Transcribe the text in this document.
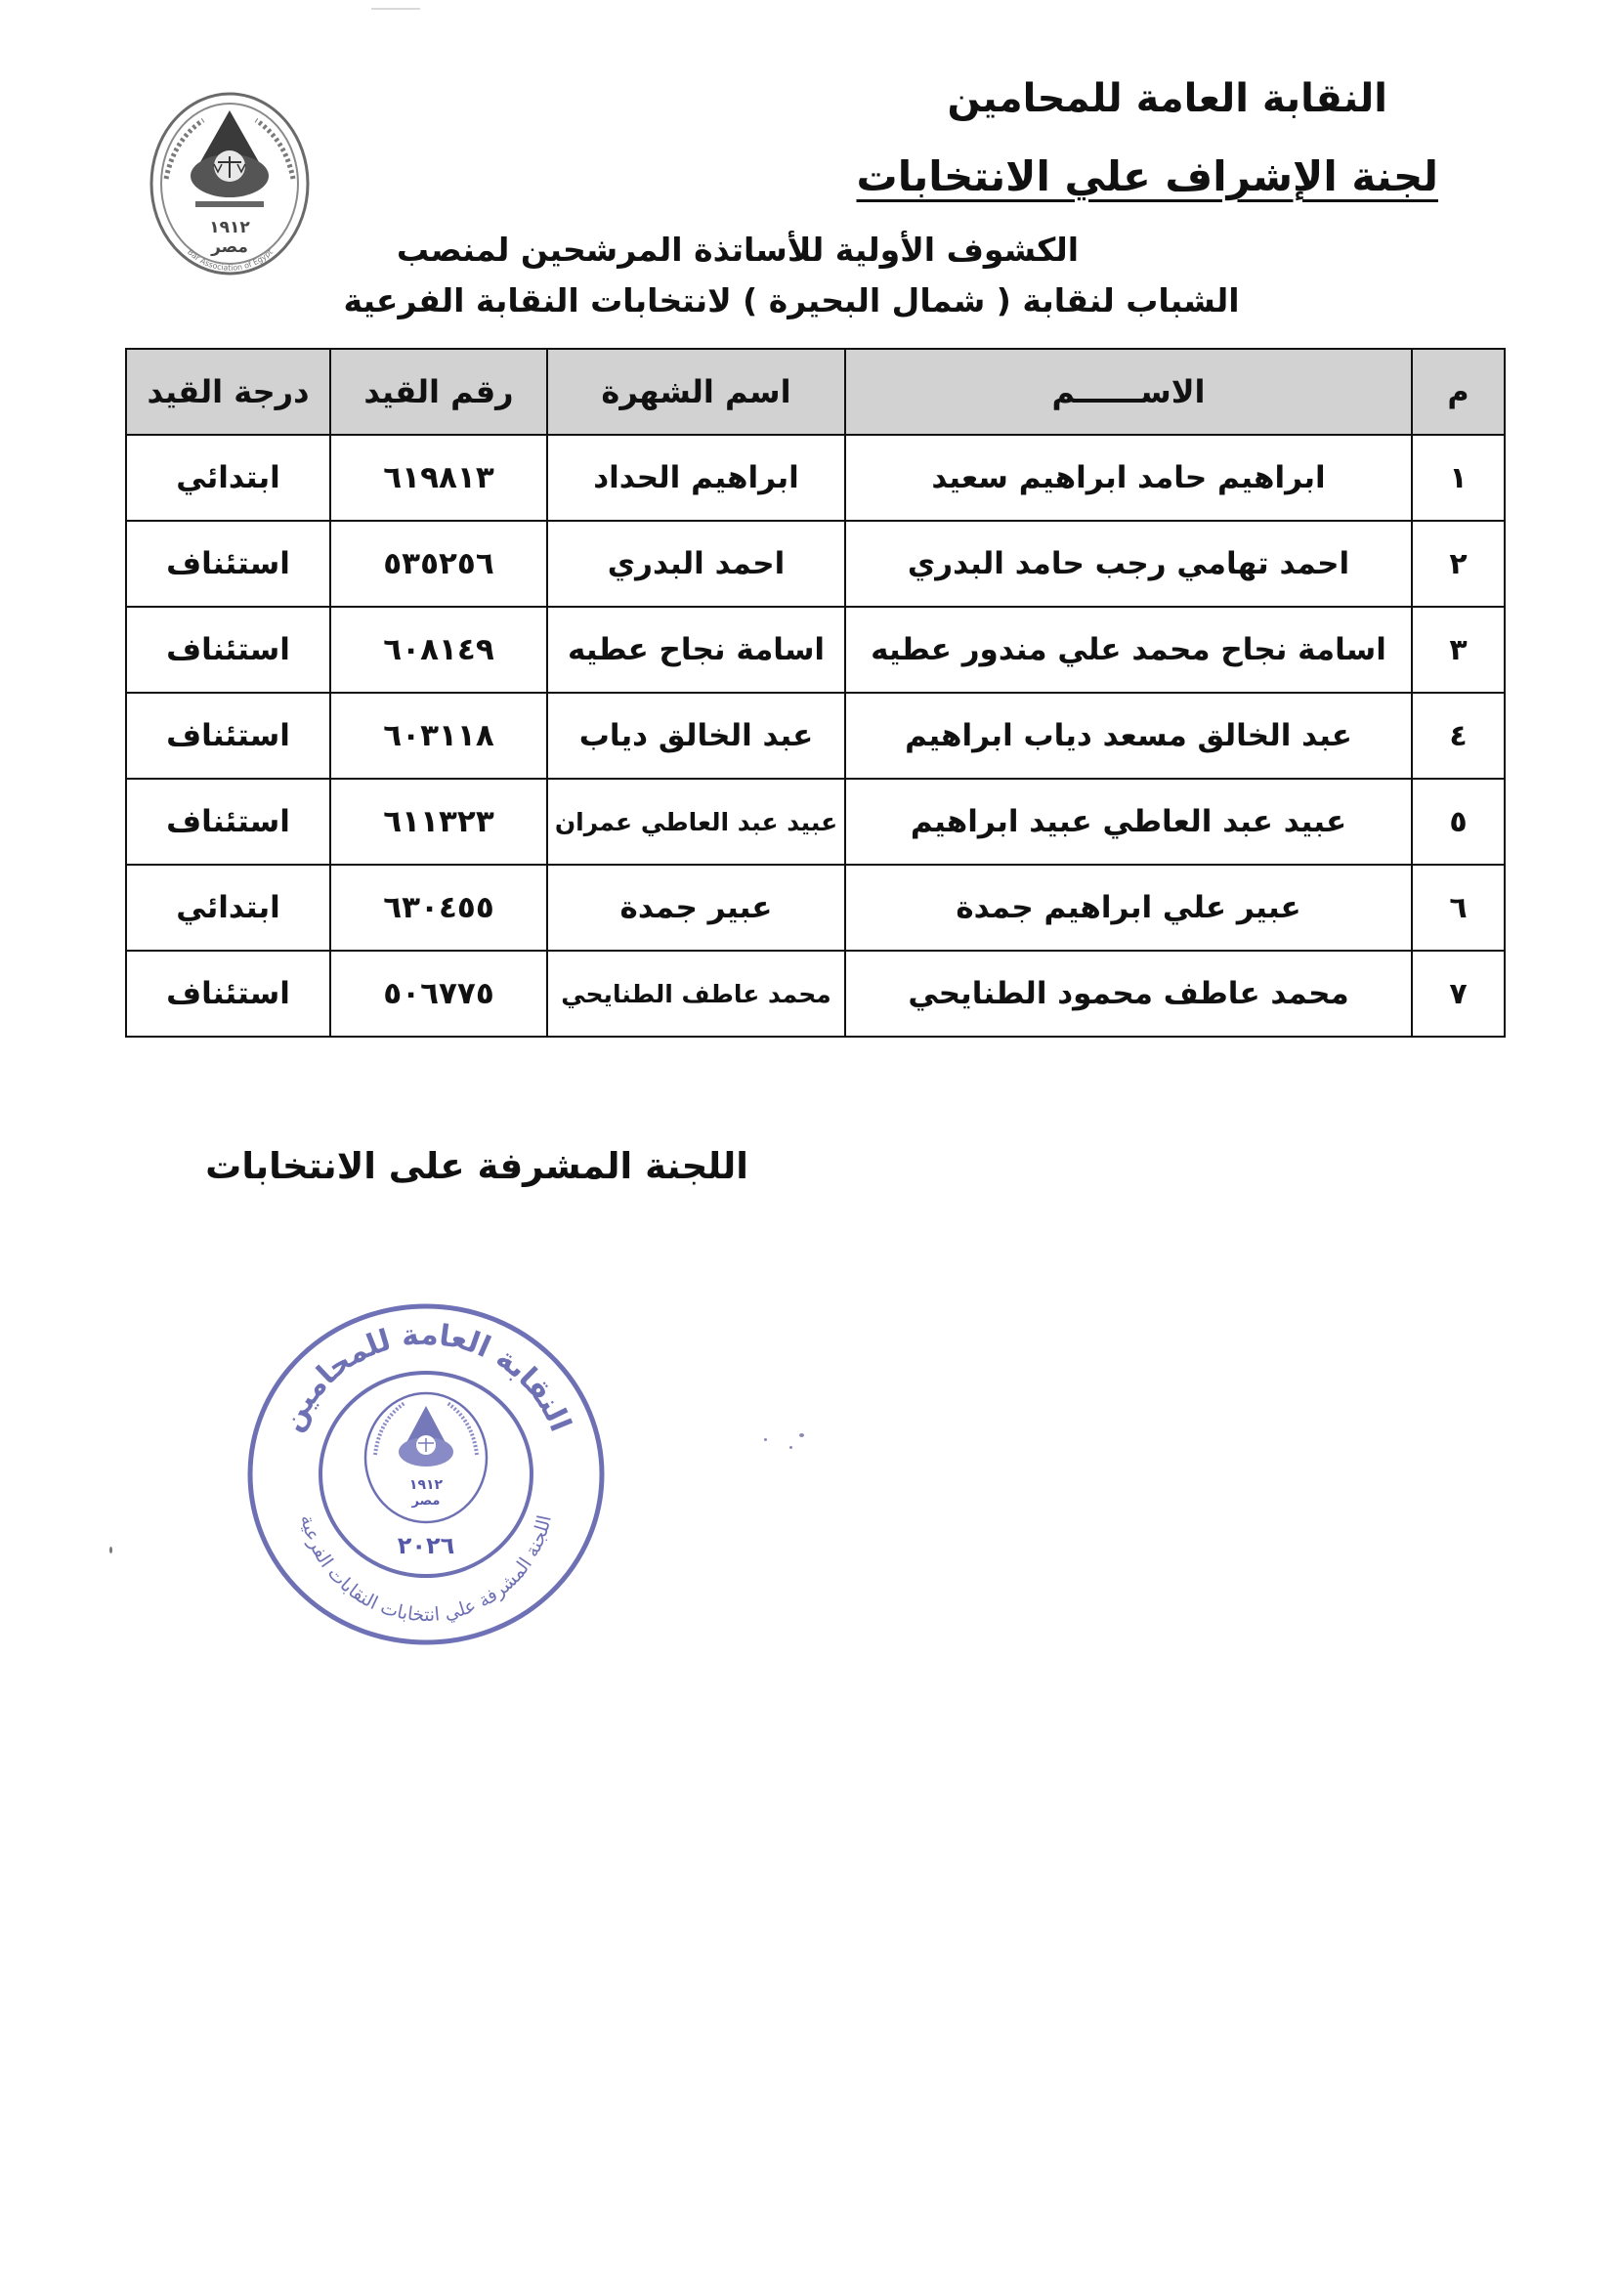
١٩١٢
مصر
Bar Association of Egypt
النقابة العامة للمحامين
لجنة الإشراف علي الانتخابات
الكشوف الأولية للأساتذة المرشحين لمنصب
الشباب لنقابة ( شمال البحيرة ) لانتخابات النقابة الفرعية
م	الاســــــم	اسم الشهرة	رقم القيد	درجة القيد
١	ابراهيم حامد ابراهيم سعيد	ابراهيم الحداد	٦١٩٨١٣	ابتدائي
٢	احمد تهامي رجب حامد البدري	احمد البدري	٥٣٥٢٥٦	استئناف
٣	اسامة نجاح محمد علي مندور عطيه	اسامة نجاح عطيه	٦٠٨١٤٩	استئناف
٤	عبد الخالق مسعد دياب ابراهيم	عبد الخالق دياب	٦٠٣١١٨	استئناف
٥	عبيد عبد العاطي عبيد ابراهيم	عبيد عبد العاطي عمران	٦١١٣٢٣	استئناف
٦	عبير علي ابراهيم جمدة	عبير جمدة	٦٣٠٤٥٥	ابتدائي
٧	محمد عاطف محمود الطنايحي	محمد عاطف الطنايحي	٥٠٦٧٧٥	استئناف

اللجنة المشرفة على الانتخابات

النقابة العامة للمحامين
اللجنة المشرفة علي انتخابات النقابات الفرعية
١٩١٢
مصر
٢٠٢٦
